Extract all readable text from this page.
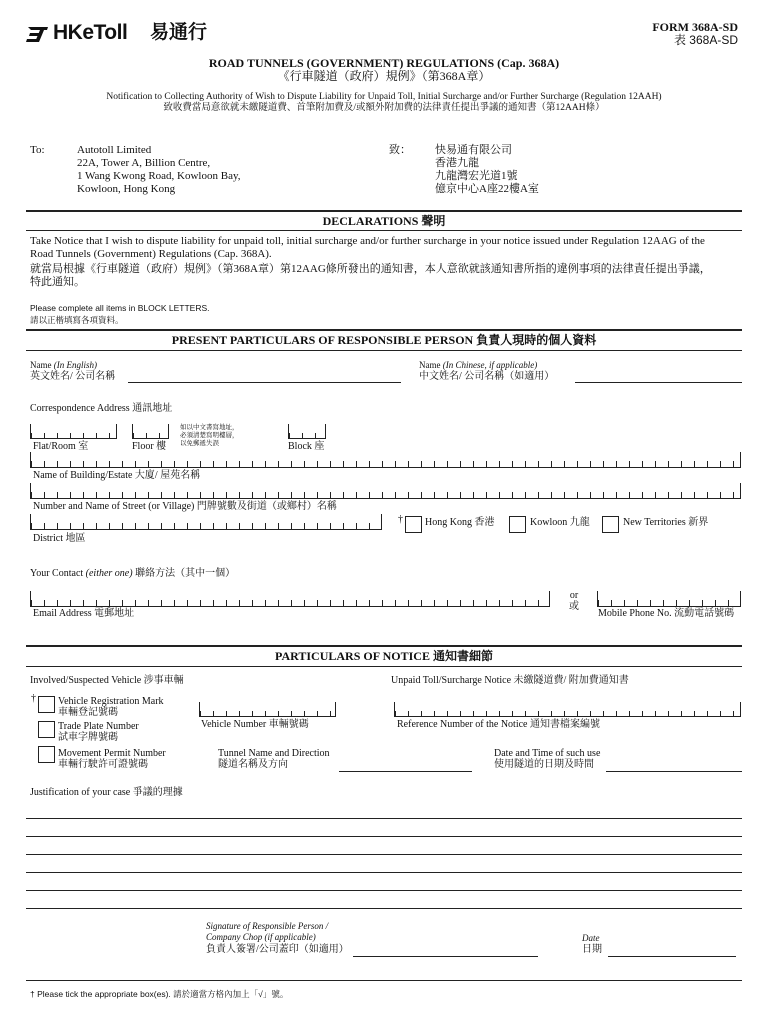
HKeToll 易通行	FORM 368A-SD
表 368A-SD
ROAD TUNNELS (GOVERNMENT) REGULATIONS (Cap. 368A)
《行車隧道（政府）規例》（第368A章）
Notification to Collecting Authority of Wish to Dispute Liability for Unpaid Toll, Initial Surcharge and/or Further Surcharge (Regulation 12AAH)
致收費當局意欲就未繳隧道費、首筆附加費及/或額外附加費的法律責任提出爭議的通知書（第12AAH條）
To:	Autotoll Limited
22A, Tower A, Billion Centre,
1 Wang Kwong Road, Kowloon Bay,
Kowloon, Hong Kong
致： 快易通有限公司
香港九龍
九龍灣宏光道1號
億京中心A座22樓A室
DECLARATIONS 聲明
Take Notice that I wish to dispute liability for unpaid toll, initial surcharge and/or further surcharge in your notice issued under Regulation 12AAG of the Road Tunnels (Government) Regulations (Cap. 368A).
就當局根據《行車隧道（政府）規例》（第368A章）第12AAG條所發出的通知書，本人意欲就該通知書所指的違例事項的法律責任提出爭議，特此通知。
Please complete all items in BLOCK LETTERS.
請以正楷填寫各項資料。
PRESENT PARTICULARS OF RESPONSIBLE PERSON 負責人現時的個人資料
Name (In English)
英文姓名/ 公司名稱
Name (In Chinese, if applicable)
中文姓名/ 公司名稱（如適用）
Correspondence Address 通訊地址
Flat/Room 室	Floor 樓
如以中文書寫地址，
必須清楚寫明樓層，
以免郵遞失誤	Block 座
Name of Building/Estate 大廈/ 屋苑名稱
Number and Name of Street (or Village) 門牌號數及街道（或鄉村）名稱
District 地區
† Hong Kong 香港	Kowloon 九龍	New Territories 新界
Your Contact (either one) 聯絡方法（其中一個）
Email Address 電郵地址
or
或
Mobile Phone No. 流動電話號碼
PARTICULARS OF NOTICE 通知書細節
Involved/Suspected Vehicle 涉事車輛	Unpaid Toll/Surcharge Notice 未繳隧道費/ 附加費通知書
† Vehicle Registration Mark
車輛登記號碼
Trade Plate Number
試車字牌號碼
Movement Permit Number
車輛行駛許可證號碼
Vehicle Number 車輛號碼	Reference Number of the Notice 通知書檔案編號
Tunnel Name and Direction
隧道名稱及方向
Date and Time of such use
使用隧道的日期及時間
Justification of your case 爭議的理據
Signature of Responsible Person /
Company Chop (if applicable)
負責人簽署/公司蓋印（如適用）
Date
日期
† Please tick the appropriate box(es). 請於適當方格內加上「√」號。
